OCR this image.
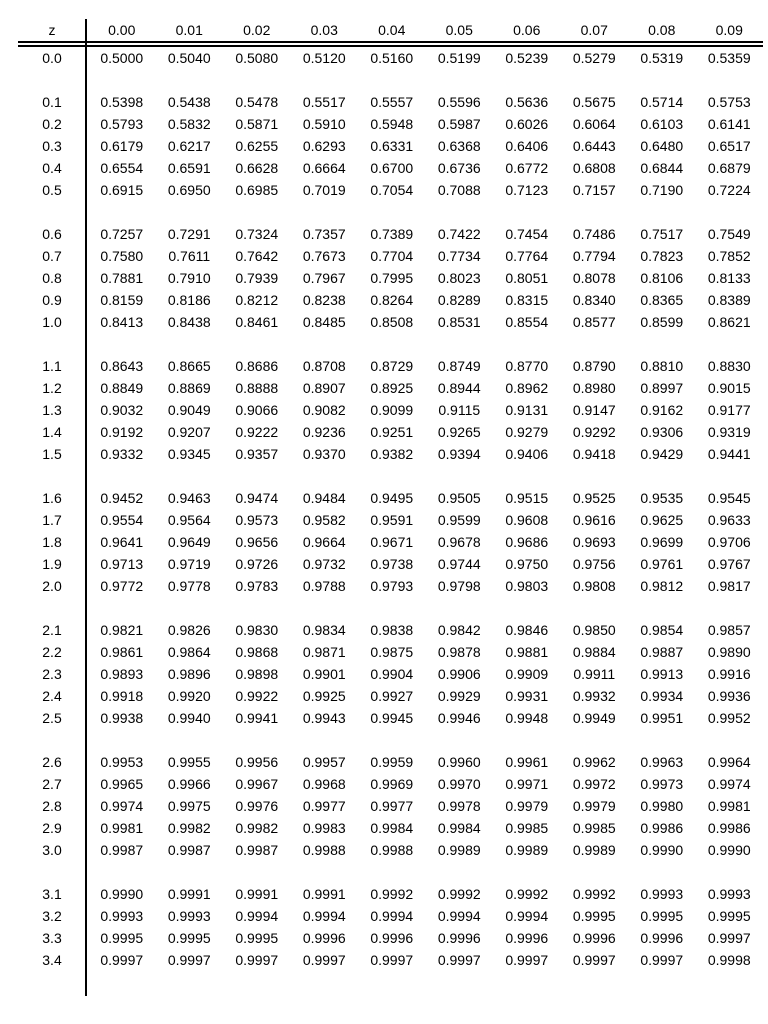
z	0.00	0.01	0.02	0.03	0.04	0.05	0.06	0.07	0.08	0.09
0.0	0.5000	0.5040	0.5080	0.5120	0.5160	0.5199	0.5239	0.5279	0.5319	0.5359
0.1	0.5398	0.5438	0.5478	0.5517	0.5557	0.5596	0.5636	0.5675	0.5714	0.5753
0.2	0.5793	0.5832	0.5871	0.5910	0.5948	0.5987	0.6026	0.6064	0.6103	0.6141
0.3	0.6179	0.6217	0.6255	0.6293	0.6331	0.6368	0.6406	0.6443	0.6480	0.6517
0.4	0.6554	0.6591	0.6628	0.6664	0.6700	0.6736	0.6772	0.6808	0.6844	0.6879
0.5	0.6915	0.6950	0.6985	0.7019	0.7054	0.7088	0.7123	0.7157	0.7190	0.7224
0.6	0.7257	0.7291	0.7324	0.7357	0.7389	0.7422	0.7454	0.7486	0.7517	0.7549
0.7	0.7580	0.7611	0.7642	0.7673	0.7704	0.7734	0.7764	0.7794	0.7823	0.7852
0.8	0.7881	0.7910	0.7939	0.7967	0.7995	0.8023	0.8051	0.8078	0.8106	0.8133
0.9	0.8159	0.8186	0.8212	0.8238	0.8264	0.8289	0.8315	0.8340	0.8365	0.8389
1.0	0.8413	0.8438	0.8461	0.8485	0.8508	0.8531	0.8554	0.8577	0.8599	0.8621
1.1	0.8643	0.8665	0.8686	0.8708	0.8729	0.8749	0.8770	0.8790	0.8810	0.8830
1.2	0.8849	0.8869	0.8888	0.8907	0.8925	0.8944	0.8962	0.8980	0.8997	0.9015
1.3	0.9032	0.9049	0.9066	0.9082	0.9099	0.9115	0.9131	0.9147	0.9162	0.9177
1.4	0.9192	0.9207	0.9222	0.9236	0.9251	0.9265	0.9279	0.9292	0.9306	0.9319
1.5	0.9332	0.9345	0.9357	0.9370	0.9382	0.9394	0.9406	0.9418	0.9429	0.9441
1.6	0.9452	0.9463	0.9474	0.9484	0.9495	0.9505	0.9515	0.9525	0.9535	0.9545
1.7	0.9554	0.9564	0.9573	0.9582	0.9591	0.9599	0.9608	0.9616	0.9625	0.9633
1.8	0.9641	0.9649	0.9656	0.9664	0.9671	0.9678	0.9686	0.9693	0.9699	0.9706
1.9	0.9713	0.9719	0.9726	0.9732	0.9738	0.9744	0.9750	0.9756	0.9761	0.9767
2.0	0.9772	0.9778	0.9783	0.9788	0.9793	0.9798	0.9803	0.9808	0.9812	0.9817
2.1	0.9821	0.9826	0.9830	0.9834	0.9838	0.9842	0.9846	0.9850	0.9854	0.9857
2.2	0.9861	0.9864	0.9868	0.9871	0.9875	0.9878	0.9881	0.9884	0.9887	0.9890
2.3	0.9893	0.9896	0.9898	0.9901	0.9904	0.9906	0.9909	0.9911	0.9913	0.9916
2.4	0.9918	0.9920	0.9922	0.9925	0.9927	0.9929	0.9931	0.9932	0.9934	0.9936
2.5	0.9938	0.9940	0.9941	0.9943	0.9945	0.9946	0.9948	0.9949	0.9951	0.9952
2.6	0.9953	0.9955	0.9956	0.9957	0.9959	0.9960	0.9961	0.9962	0.9963	0.9964
2.7	0.9965	0.9966	0.9967	0.9968	0.9969	0.9970	0.9971	0.9972	0.9973	0.9974
2.8	0.9974	0.9975	0.9976	0.9977	0.9977	0.9978	0.9979	0.9979	0.9980	0.9981
2.9	0.9981	0.9982	0.9982	0.9983	0.9984	0.9984	0.9985	0.9985	0.9986	0.9986
3.0	0.9987	0.9987	0.9987	0.9988	0.9988	0.9989	0.9989	0.9989	0.9990	0.9990
3.1	0.9990	0.9991	0.9991	0.9991	0.9992	0.9992	0.9992	0.9992	0.9993	0.9993
3.2	0.9993	0.9993	0.9994	0.9994	0.9994	0.9994	0.9994	0.9995	0.9995	0.9995
3.3	0.9995	0.9995	0.9995	0.9996	0.9996	0.9996	0.9996	0.9996	0.9996	0.9997
3.4	0.9997	0.9997	0.9997	0.9997	0.9997	0.9997	0.9997	0.9997	0.9997	0.9998
